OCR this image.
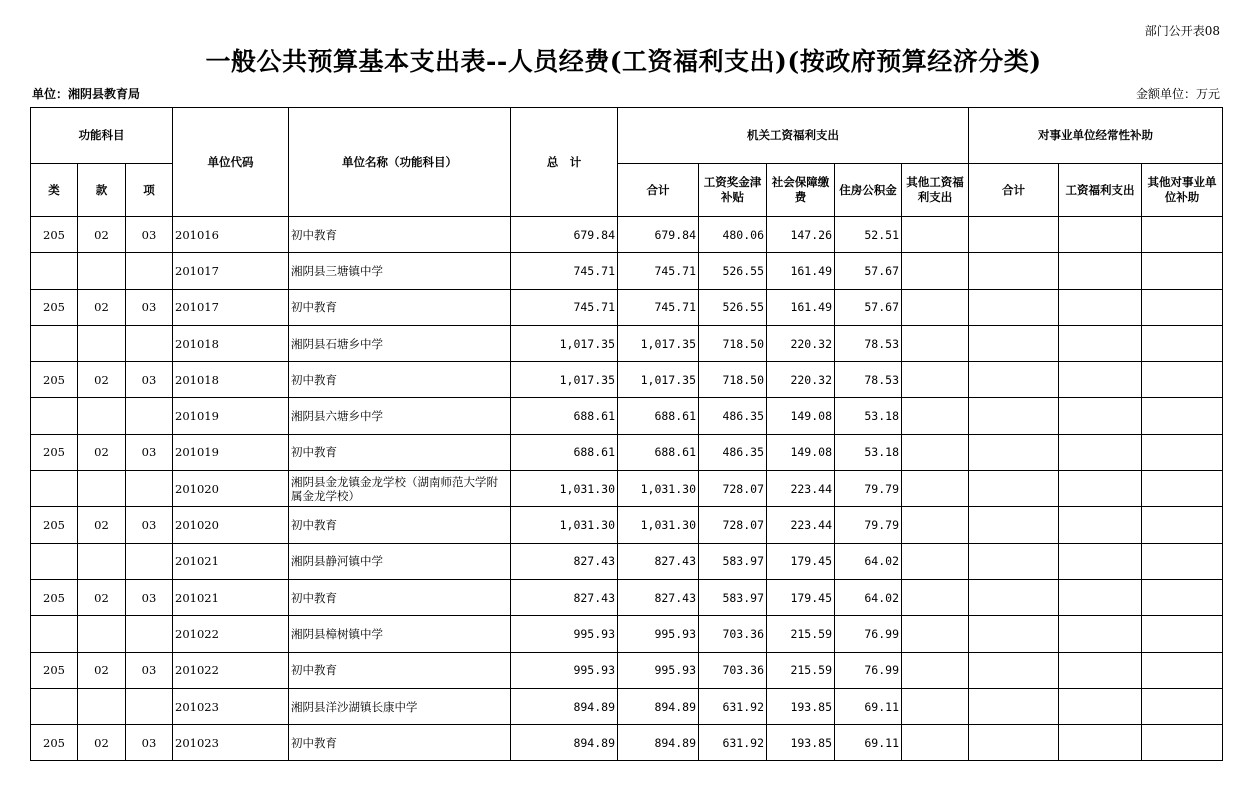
部门公开表08
一般公共预算基本支出表--人员经费(工资福利支出)(按政府预算经济分类)
单位：湘阴县教育局	金额单位：万元
功能科目			单位代码	单位名称（功能科目）	总　计	机关工资福利支出					对事业单位经常性补助		
类	款	项				合计	工资奖金津补贴	社会保障缴费	住房公积金	其他工资福利支出	合计	工资福利支出	其他对事业单位补助
205	02	03	201016	初中教育	679.84	679.84	480.06	147.26	52.51				
			201017	湘阴县三塘镇中学	745.71	745.71	526.55	161.49	57.67				
205	02	03	201017	初中教育	745.71	745.71	526.55	161.49	57.67				
			201018	湘阴县石塘乡中学	1,017.35	1,017.35	718.50	220.32	78.53				
205	02	03	201018	初中教育	1,017.35	1,017.35	718.50	220.32	78.53				
			201019	湘阴县六塘乡中学	688.61	688.61	486.35	149.08	53.18				
205	02	03	201019	初中教育	688.61	688.61	486.35	149.08	53.18				
			201020	湘阴县金龙镇金龙学校（湖南师范大学附属金龙学校）	1,031.30	1,031.30	728.07	223.44	79.79				
205	02	03	201020	初中教育	1,031.30	1,031.30	728.07	223.44	79.79				
			201021	湘阴县静河镇中学	827.43	827.43	583.97	179.45	64.02				
205	02	03	201021	初中教育	827.43	827.43	583.97	179.45	64.02				
			201022	湘阴县樟树镇中学	995.93	995.93	703.36	215.59	76.99				
205	02	03	201022	初中教育	995.93	995.93	703.36	215.59	76.99				
			201023	湘阴县洋沙湖镇长康中学	894.89	894.89	631.92	193.85	69.11				
205	02	03	201023	初中教育	894.89	894.89	631.92	193.85	69.11				
